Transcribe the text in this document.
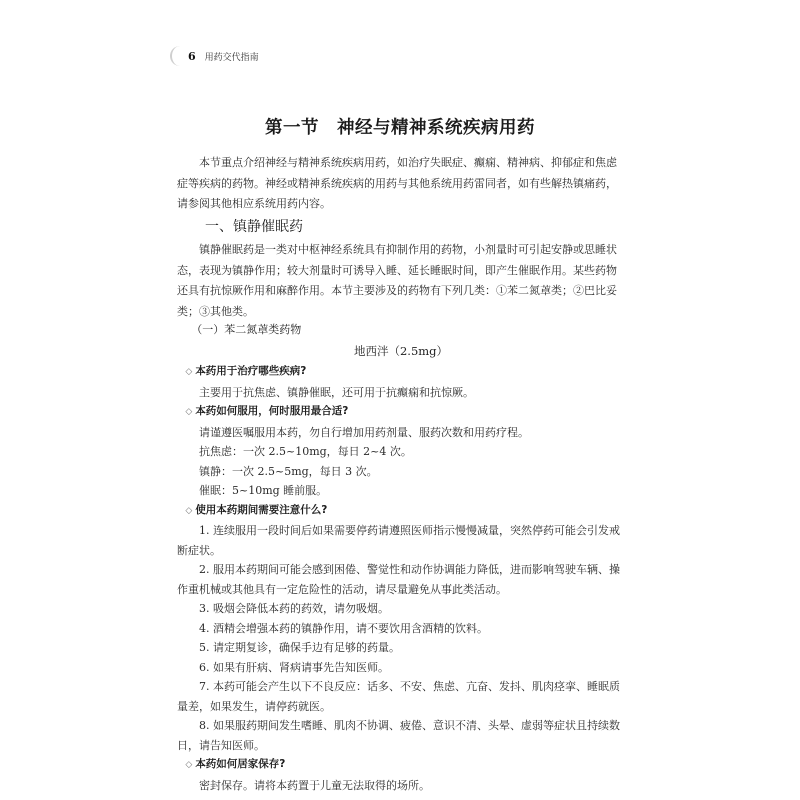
6 用药交代指南
第一节 神经与精神系统疾病用药

本节重点介绍神经与精神系统疾病用药，如治疗失眠症、癫痫、精神病、抑郁症和焦虑症等疾病的药物。神经或精神系统疾病的用药与其他系统用药雷同者，如有些解热镇痛药，请参阅其他相应系统用药内容。

一、镇静催眠药

镇静催眠药是一类对中枢神经系统具有抑制作用的药物，小剂量时可引起安静或思睡状态，表现为镇静作用；较大剂量时可诱导入睡、延长睡眠时间，即产生催眠作用。某些药物还具有抗惊厥作用和麻醉作用。本节主要涉及的药物有下列几类：①苯二氮䓬类；②巴比妥类；③其他类。

（一）苯二氮䓬类药物

地西泮（2.5mg）

◇ 本药用于治疗哪些疾病?

主要用于抗焦虑、镇静催眠，还可用于抗癫痫和抗惊厥。

◇ 本药如何服用，何时服用最合适?

请谨遵医嘱服用本药，勿自行增加用药剂量、服药次数和用药疗程。

抗焦虑：一次 2.5~10mg，每日 2~4 次。

镇静：一次 2.5~5mg，每日 3 次。

催眠：5~10mg 睡前服。

◇ 使用本药期间需要注意什么?

1. 连续服用一段时间后如果需要停药请遵照医师指示慢慢减量，突然停药可能会引发戒断症状。

2. 服用本药期间可能会感到困倦、警觉性和动作协调能力降低，进而影响驾驶车辆、操作重机械或其他具有一定危险性的活动，请尽量避免从事此类活动。

3. 吸烟会降低本药的药效，请勿吸烟。

4. 酒精会增强本药的镇静作用，请不要饮用含酒精的饮料。

5. 请定期复诊，确保手边有足够的药量。

6. 如果有肝病、肾病请事先告知医师。

7. 本药可能会产生以下不良反应：话多、不安、焦虑、亢奋、发抖、肌肉痉挛、睡眠质量差，如果发生，请停药就医。

8. 如果服药期间发生嗜睡、肌肉不协调、疲倦、意识不清、头晕、虚弱等症状且持续数日，请告知医师。

◇ 本药如何居家保存?

密封保存。请将本药置于儿童无法取得的场所。
